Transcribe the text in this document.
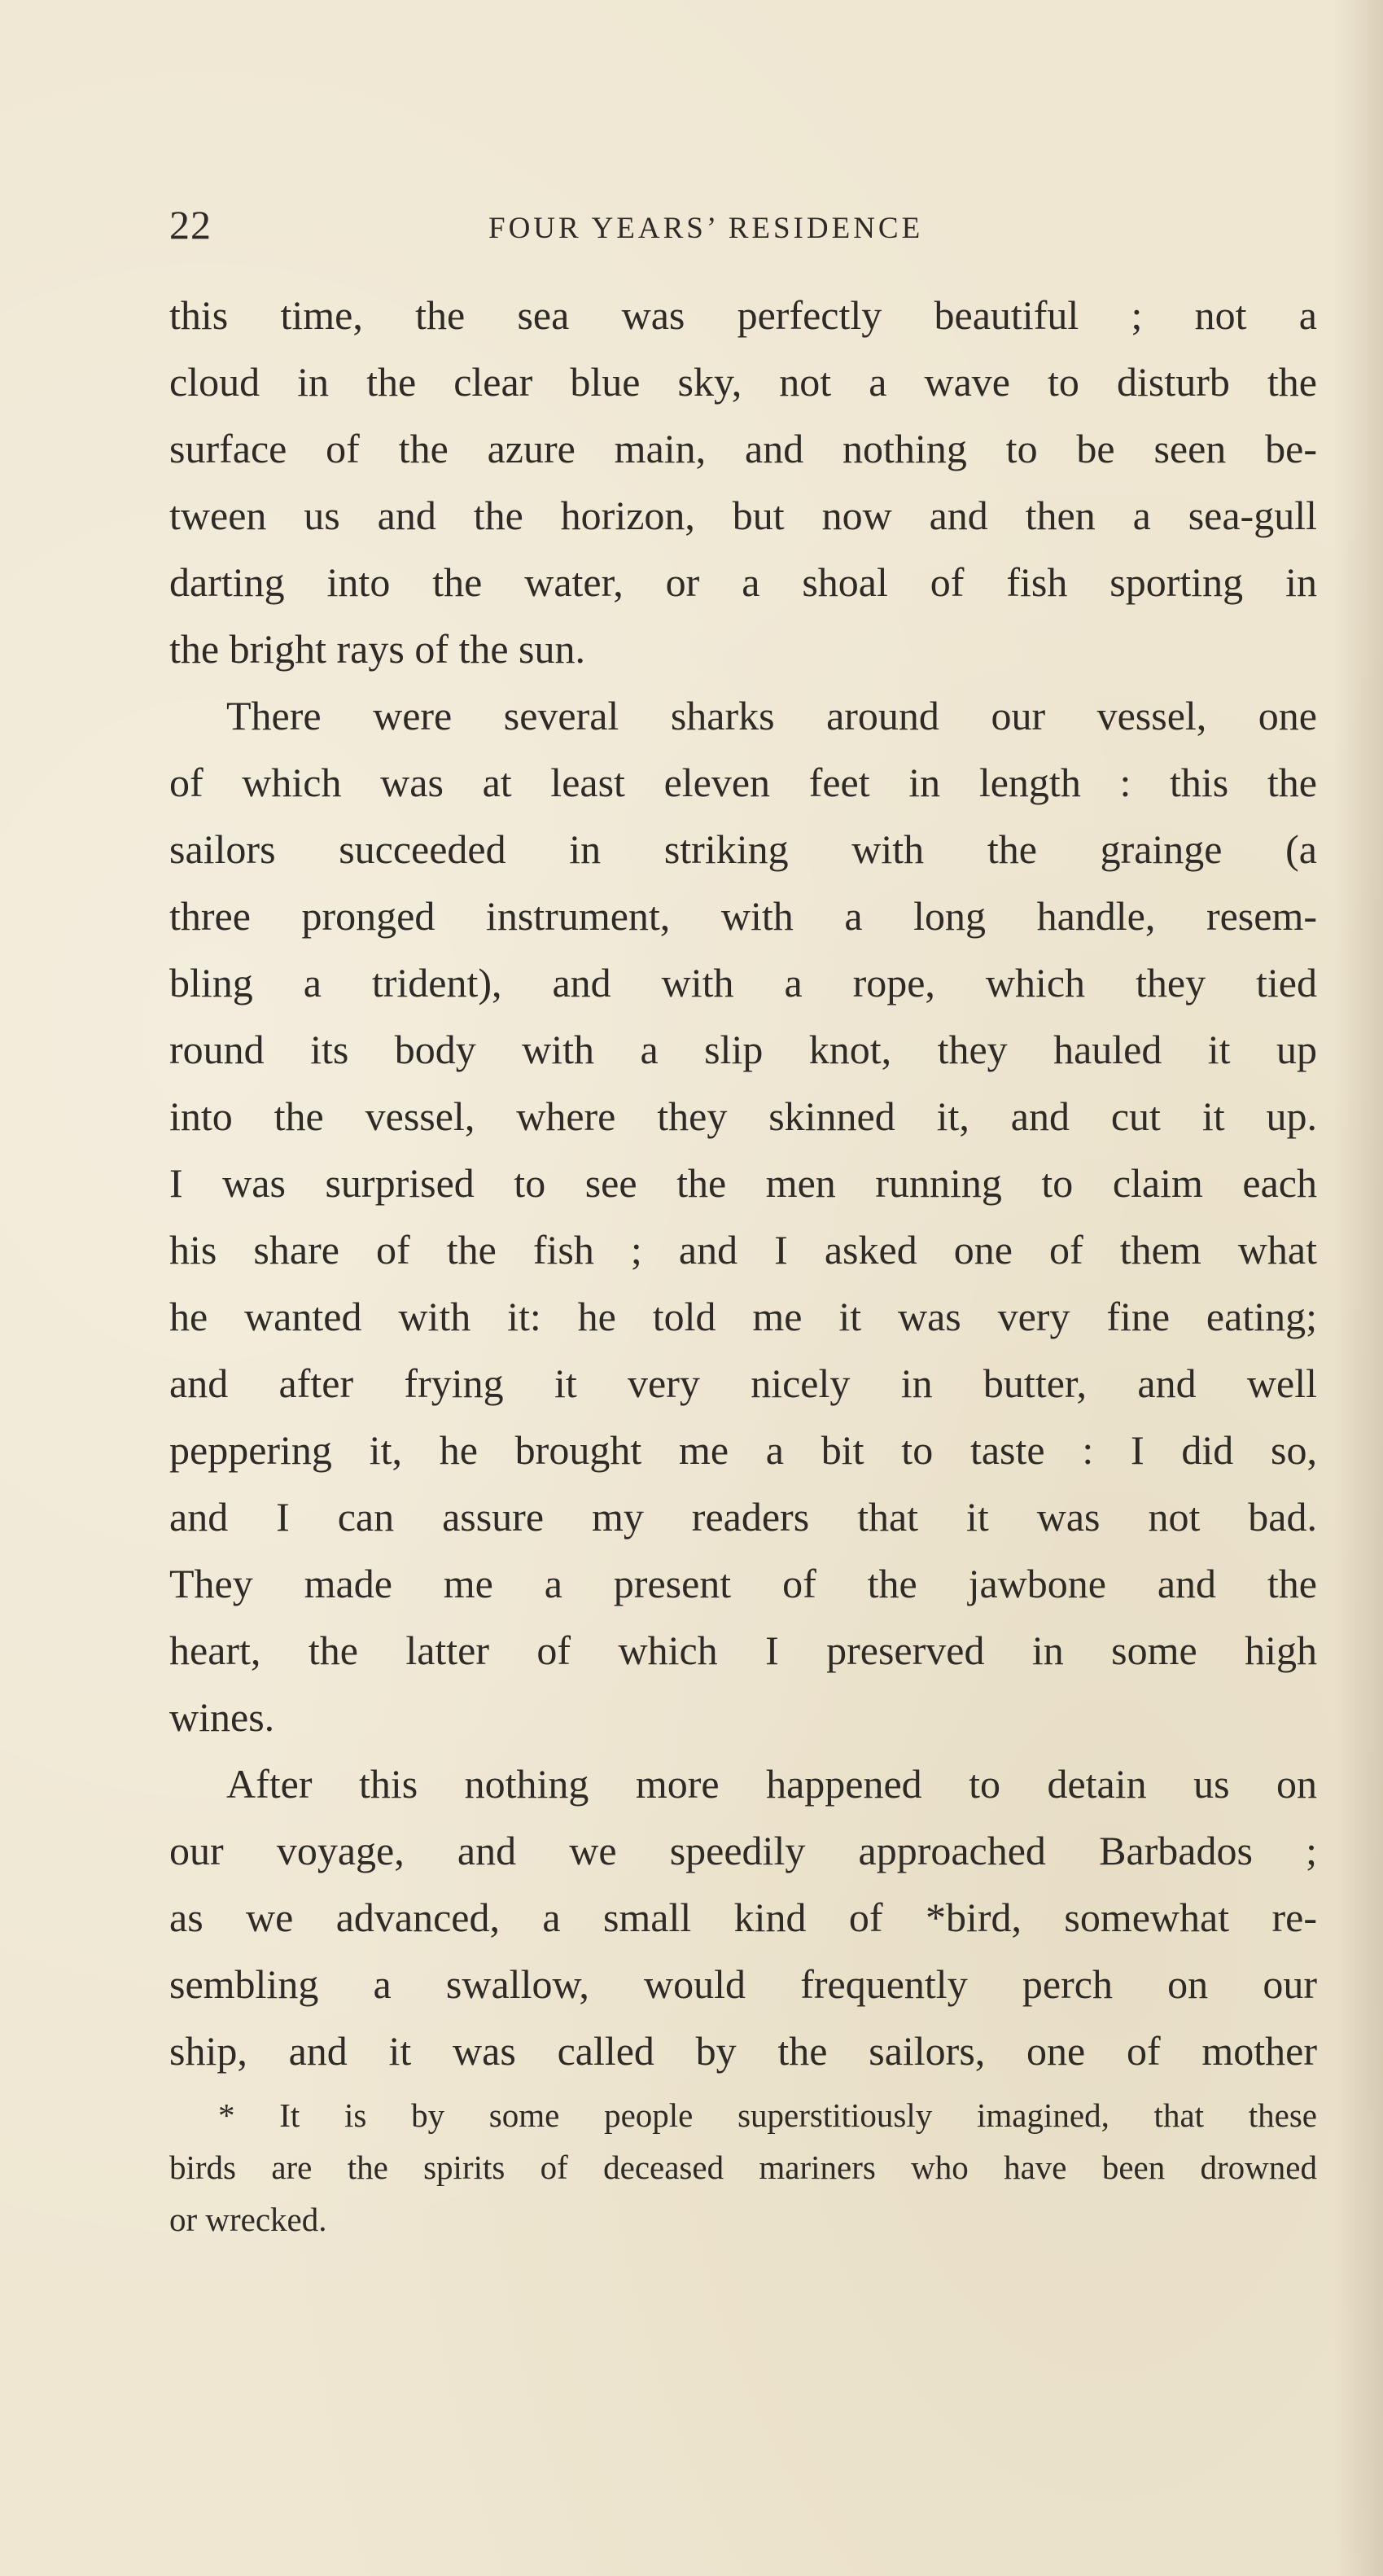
22	FOUR YEARS’ RESIDENCE
this time, the sea was perfectly beautiful ; not a
cloud in the clear blue sky, not a wave to disturb the
surface of the azure main, and nothing to be seen be-
tween us and the horizon, but now and then a sea-gull
darting into the water, or a shoal of fish sporting in
the bright rays of the sun.
There were several sharks around our vessel, one
of which was at least eleven feet in length : this the
sailors succeeded in striking with the grainge (a
three pronged instrument, with a long handle, resem-
bling a trident), and with a rope, which they tied
round its body with a slip knot, they hauled it up
into the vessel, where they skinned it, and cut it up.
I was surprised to see the men running to claim each
his share of the fish ; and I asked one of them what
he wanted with it: he told me it was very fine eating;
and after frying it very nicely in butter, and well
peppering it, he brought me a bit to taste : I did so,
and I can assure my readers that it was not bad.
They made me a present of the jawbone and the
heart, the latter of which I preserved in some high
wines.
After this nothing more happened to detain us on
our voyage, and we speedily approached Barbados ;
as we advanced, a small kind of *bird, somewhat re-
sembling a swallow, would frequently perch on our
ship, and it was called by the sailors, one of mother
* It is by some people superstitiously imagined, that these
birds are the spirits of deceased mariners who have been drowned
or wrecked.
